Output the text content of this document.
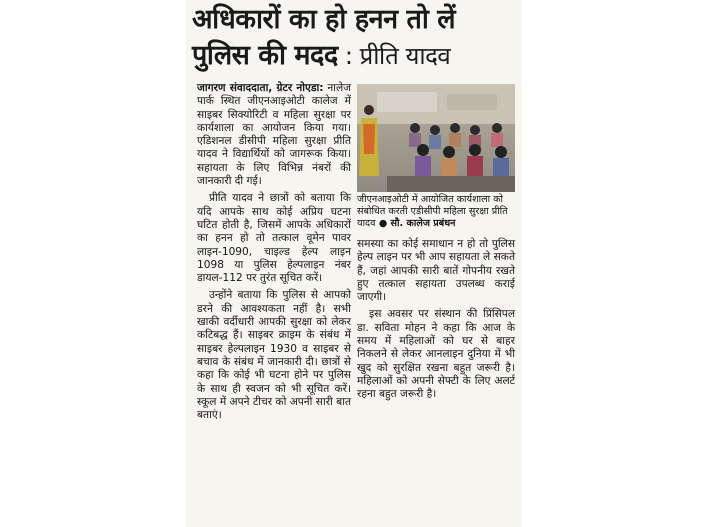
अधिकारों का हो हनन तो लें
पुलिस की मदद : प्रीति यादव

जागरण संवाददाता, ग्रेटर नोएडा: नालेज पार्क स्थित जीएनआइओटी कालेज में साइबर सिक्योरिटी व महिला सुरक्षा पर कार्यशाला का आयोजन किया गया। एडिशनल डीसीपी महिला सुरक्षा प्रीति यादव ने विद्यार्थियों को जागरूक किया। सहायता के लिए विभिन्न नंबरों की जानकारी दी गई।

प्रीति यादव ने छात्रों को बताया कि यदि आपके साथ कोई अप्रिय घटना घटित होती है, जिसमें आपके अधिकारों का हनन हो तो तत्काल वूमेन पावर लाइन-1090, चाइल्ड हेल्प लाइन 1098 या पुलिस हेल्पलाइन नंबर डायल-112 पर तुरंत सूचित करें।

उन्होंने बताया कि पुलिस से आपको डरने की आवश्यकता नहीं है। सभी खाकी वर्दीधारी आपकी सुरक्षा को लेकर कटिबद्ध हैं। साइबर क्राइम के संबंध में साइबर हेल्पलाइन 1930 व साइबर से बचाव के संबंध में जानकारी दी। छात्रों से कहा कि कोई भी घटना होने पर पुलिस के साथ ही स्वजन को भी सूचित करें। स्कूल में अपने टीचर को अपनी सारी बात बताएं।

जीएनआइओटी में आयोजित कार्यशाला को संबोधित करती एडीसीपी महिला सुरक्षा प्रीति यादव ● सौ. कालेज प्रबंधन

समस्या का कोई समाधान न हो तो पुलिस हेल्प लाइन पर भी आप सहायता ले सकते हैं, जहां आपकी सारी बातें गोपनीय रखते हुए तत्काल सहायता उपलब्ध कराई जाएगी।

इस अवसर पर संस्थान की प्रिंसिपल डा. सविता मोहन ने कहा कि आज के समय में महिलाओं को घर से बाहर निकलने से लेकर आनलाइन दुनिया में भी खुद को सुरक्षित रखना बहुत जरूरी है। महिलाओं को अपनी सेफ्टी के लिए अलर्ट रहना बहुत जरूरी है।
